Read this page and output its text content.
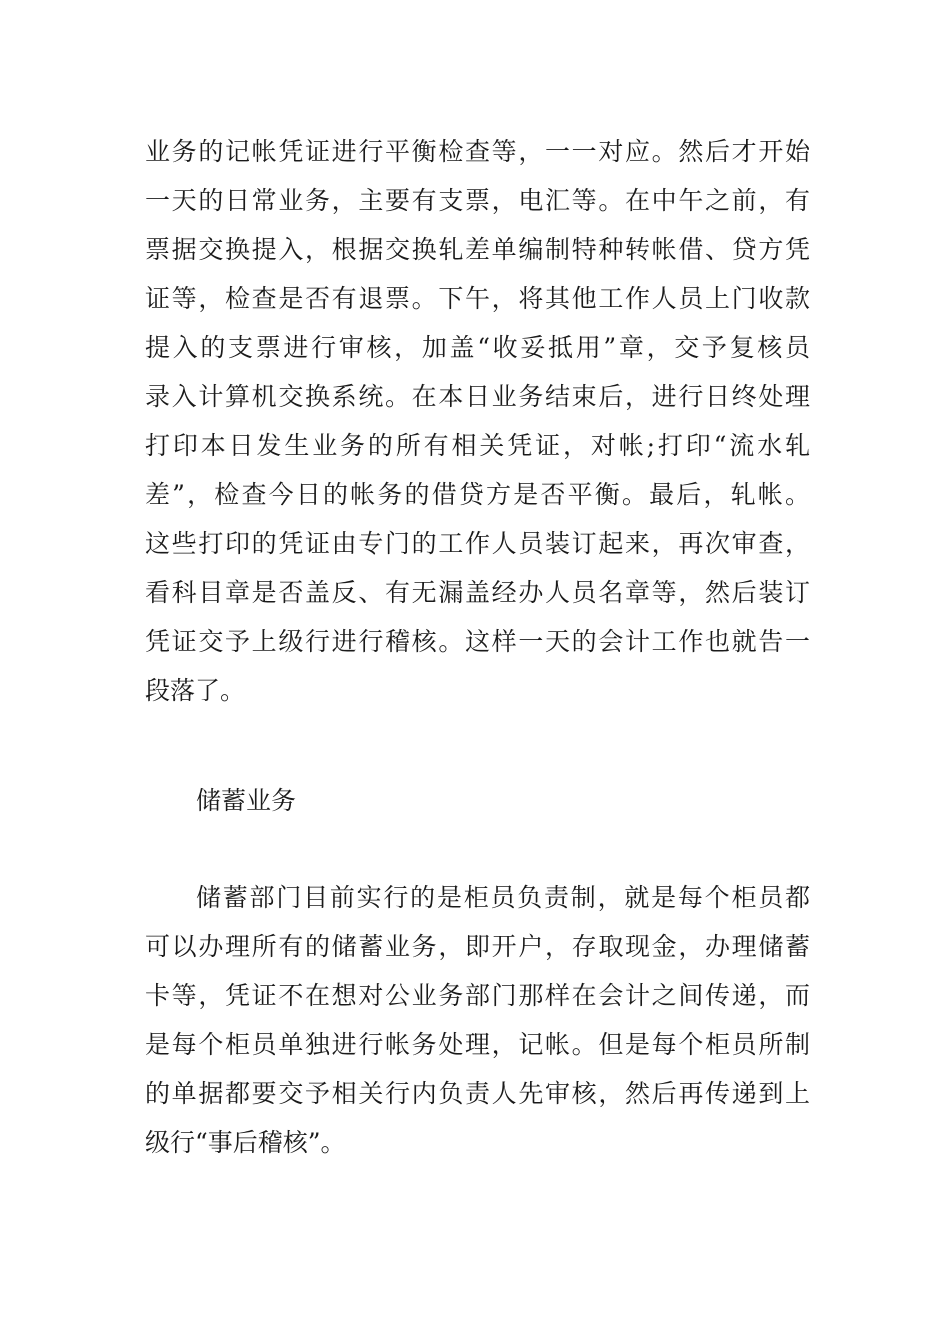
业务的记帐凭证进行平衡检查等，一一对应。然后才开始
一天的日常业务，主要有支票，电汇等。在中午之前，有
票据交换提入，根据交换轧差单编制特种转帐借、贷方凭
证等，检查是否有退票。下午，将其他工作人员上门收款
提入的支票进行审核，加盖“收妥抵用”章，交予复核员
录入计算机交换系统。在本日业务结束后，进行日终处理
打印本日发生业务的所有相关凭证，对帐;打印“流水轧
差”，检查今日的帐务的借贷方是否平衡。最后，轧帐。
这些打印的凭证由专门的工作人员装订起来，再次审查，
看科目章是否盖反、有无漏盖经办人员名章等，然后装订
凭证交予上级行进行稽核。这样一天的会计工作也就告一
段落了。
储蓄业务
储蓄部门目前实行的是柜员负责制，就是每个柜员都
可以办理所有的储蓄业务，即开户，存取现金，办理储蓄
卡等，凭证不在想对公业务部门那样在会计之间传递，而
是每个柜员单独进行帐务处理，记帐。但是每个柜员所制
的单据都要交予相关行内负责人先审核，然后再传递到上
级行“事后稽核”。
